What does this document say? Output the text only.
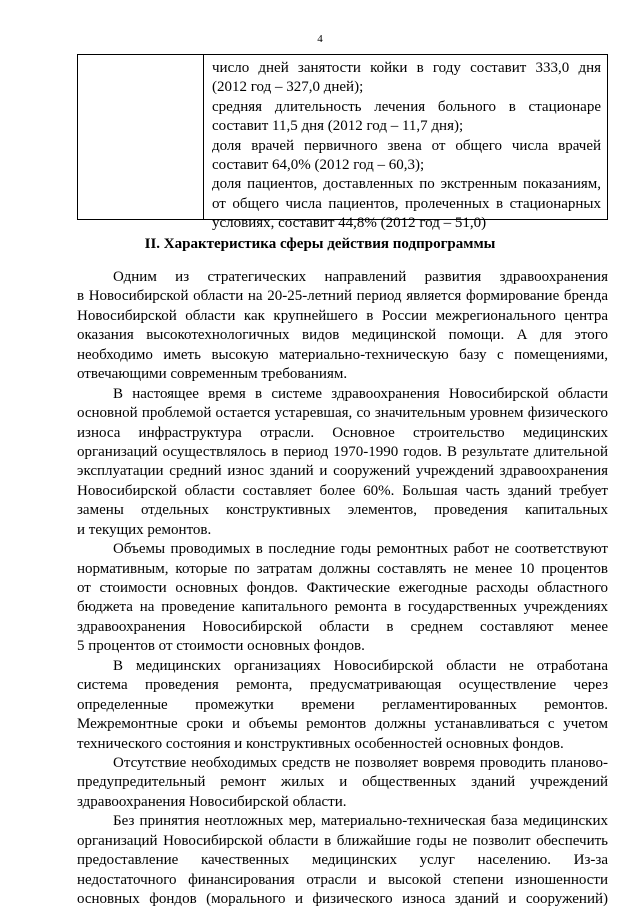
4
число дней занятости койки в году составит 333,0 дня
(2012 год – 327,0 дней);
средняя длительность лечения больного в стационаре
составит 11,5 дня (2012 год – 11,7 дня);
доля врачей первичного звена от общего числа врачей
составит 64,0% (2012 год – 60,3);
доля пациентов, доставленных по экстренным показаниям,
от общего числа пациентов, пролеченных в стационарных
условиях, составит 44,8% (2012 год – 51,0)
II. Характеристика сферы действия подпрограммы
Одним из стратегических направлений развития здравоохранения
в Новосибирской области на 20-25-летний период является формирование бренда
Новосибирской области как крупнейшего в России межрегионального центра
оказания высокотехнологичных видов медицинской помощи. А для этого
необходимо иметь высокую материально-техническую базу с помещениями,
отвечающими современным требованиям.
В настоящее время в системе здравоохранения Новосибирской области
основной проблемой остается устаревшая, со значительным уровнем физического
износа инфраструктура отрасли. Основное строительство медицинских
организаций осуществлялось в период 1970-1990 годов. В результате длительной
эксплуатации средний износ зданий и сооружений учреждений здравоохранения
Новосибирской области составляет более 60%. Большая часть зданий требует
замены отдельных конструктивных элементов, проведения капитальных
и текущих ремонтов.
Объемы проводимых в последние годы ремонтных работ не соответствуют
нормативным, которые по затратам должны составлять не менее 10 процентов
от стоимости основных фондов. Фактические ежегодные расходы областного
бюджета на проведение капитального ремонта в государственных учреждениях
здравоохранения Новосибирской области в среднем составляют менее
5 процентов от стоимости основных фондов.
В медицинских организациях Новосибирской области не отработана
система проведения ремонта, предусматривающая осуществление через
определенные промежутки времени регламентированных ремонтов.
Межремонтные сроки и объемы ремонтов должны устанавливаться с учетом
технического состояния и конструктивных особенностей основных фондов.
Отсутствие необходимых средств не позволяет вовремя проводить планово-
предупредительный ремонт жилых и общественных зданий учреждений
здравоохранения Новосибирской области.
Без принятия неотложных мер, материально-техническая база медицинских
организаций Новосибирской области в ближайшие годы не позволит обеспечить
предоставление качественных медицинских услуг населению. Из-за
недостаточного финансирования отрасли и высокой степени изношенности
основных фондов (морального и физического износа зданий и сооружений)
